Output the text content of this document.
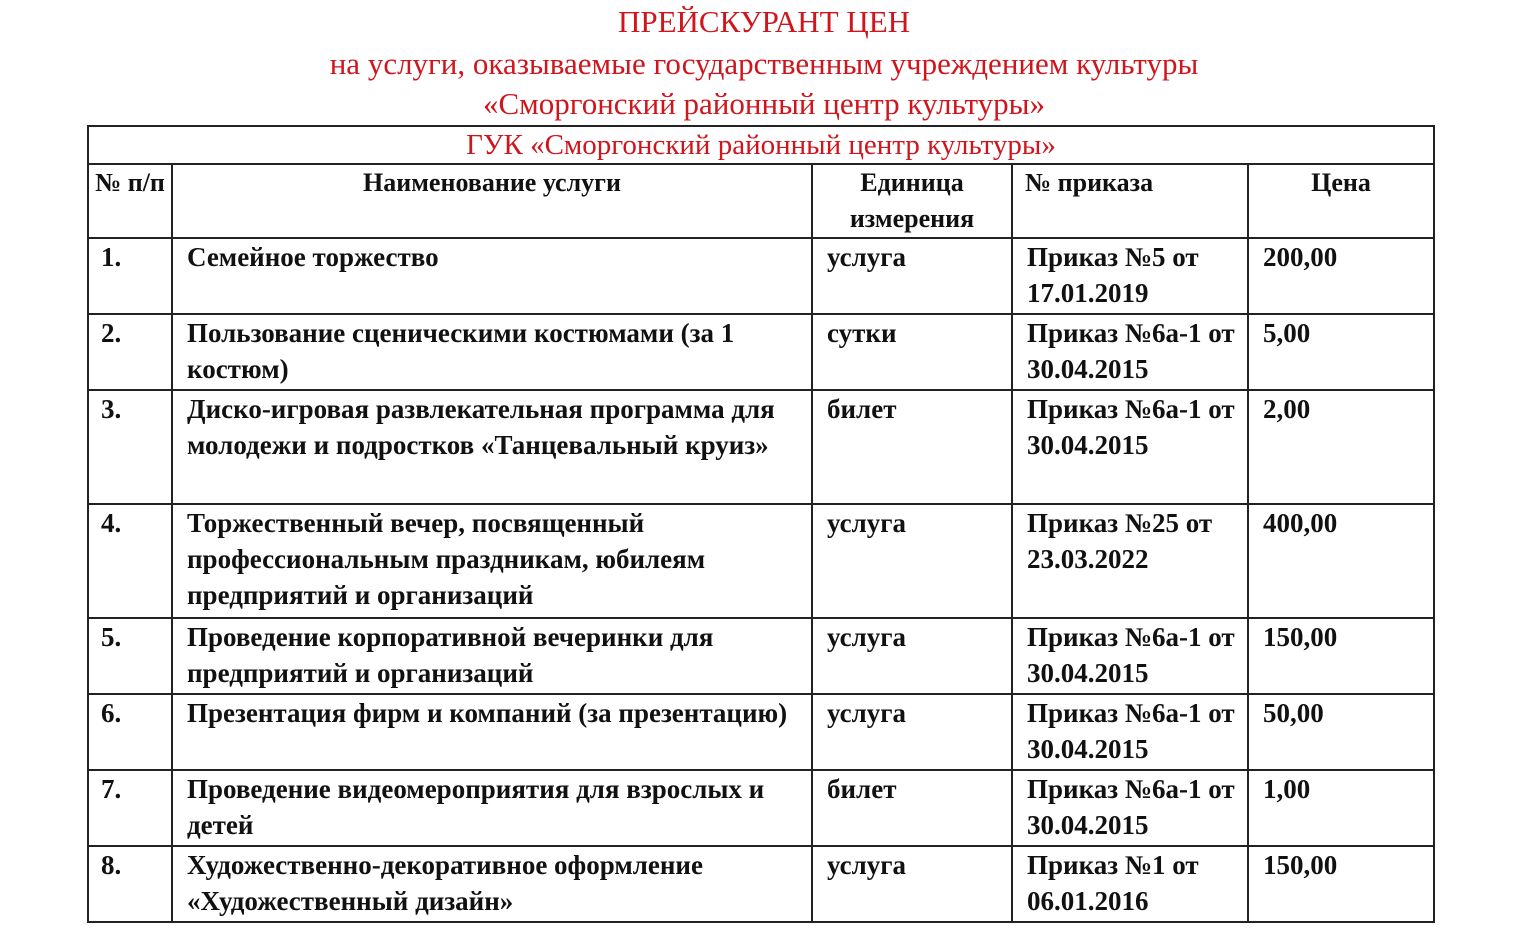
ПРЕЙСКУРАНТ ЦЕН
на услуги, оказываемые государственным учреждением культуры
«Сморгонский районный центр культуры»
ГУК «Сморгонский районный центр культуры»				
№ п/п	Наименование услуги	Единица измерения	№ приказа	Цена
1.	Семейное торжество	услуга	Приказ №5 от 17.01.2019	200,00
2.	Пользование сценическими костюмами (за 1 костюм)	сутки	Приказ №6а-1 от 30.04.2015	5,00
3.	Диско-игровая развлекательная программа для молодежи и подростков «Танцевальный круиз»	билет	Приказ №6а-1 от 30.04.2015	2,00
4.	Торжественный вечер, посвященный профессиональным праздникам, юбилеям предприятий и организаций	услуга	Приказ №25 от 23.03.2022	400,00
5.	Проведение корпоративной вечеринки для предприятий и организаций	услуга	Приказ №6а-1 от 30.04.2015	150,00
6.	Презентация фирм и компаний (за презентацию)	услуга	Приказ №6а-1 от 30.04.2015	50,00
7.	Проведение видеомероприятия для взрослых и детей	билет	Приказ №6а-1 от 30.04.2015	1,00
8.	Художественно-декоративное оформление «Художественный дизайн»	услуга	Приказ №1 от 06.01.2016	150,00
